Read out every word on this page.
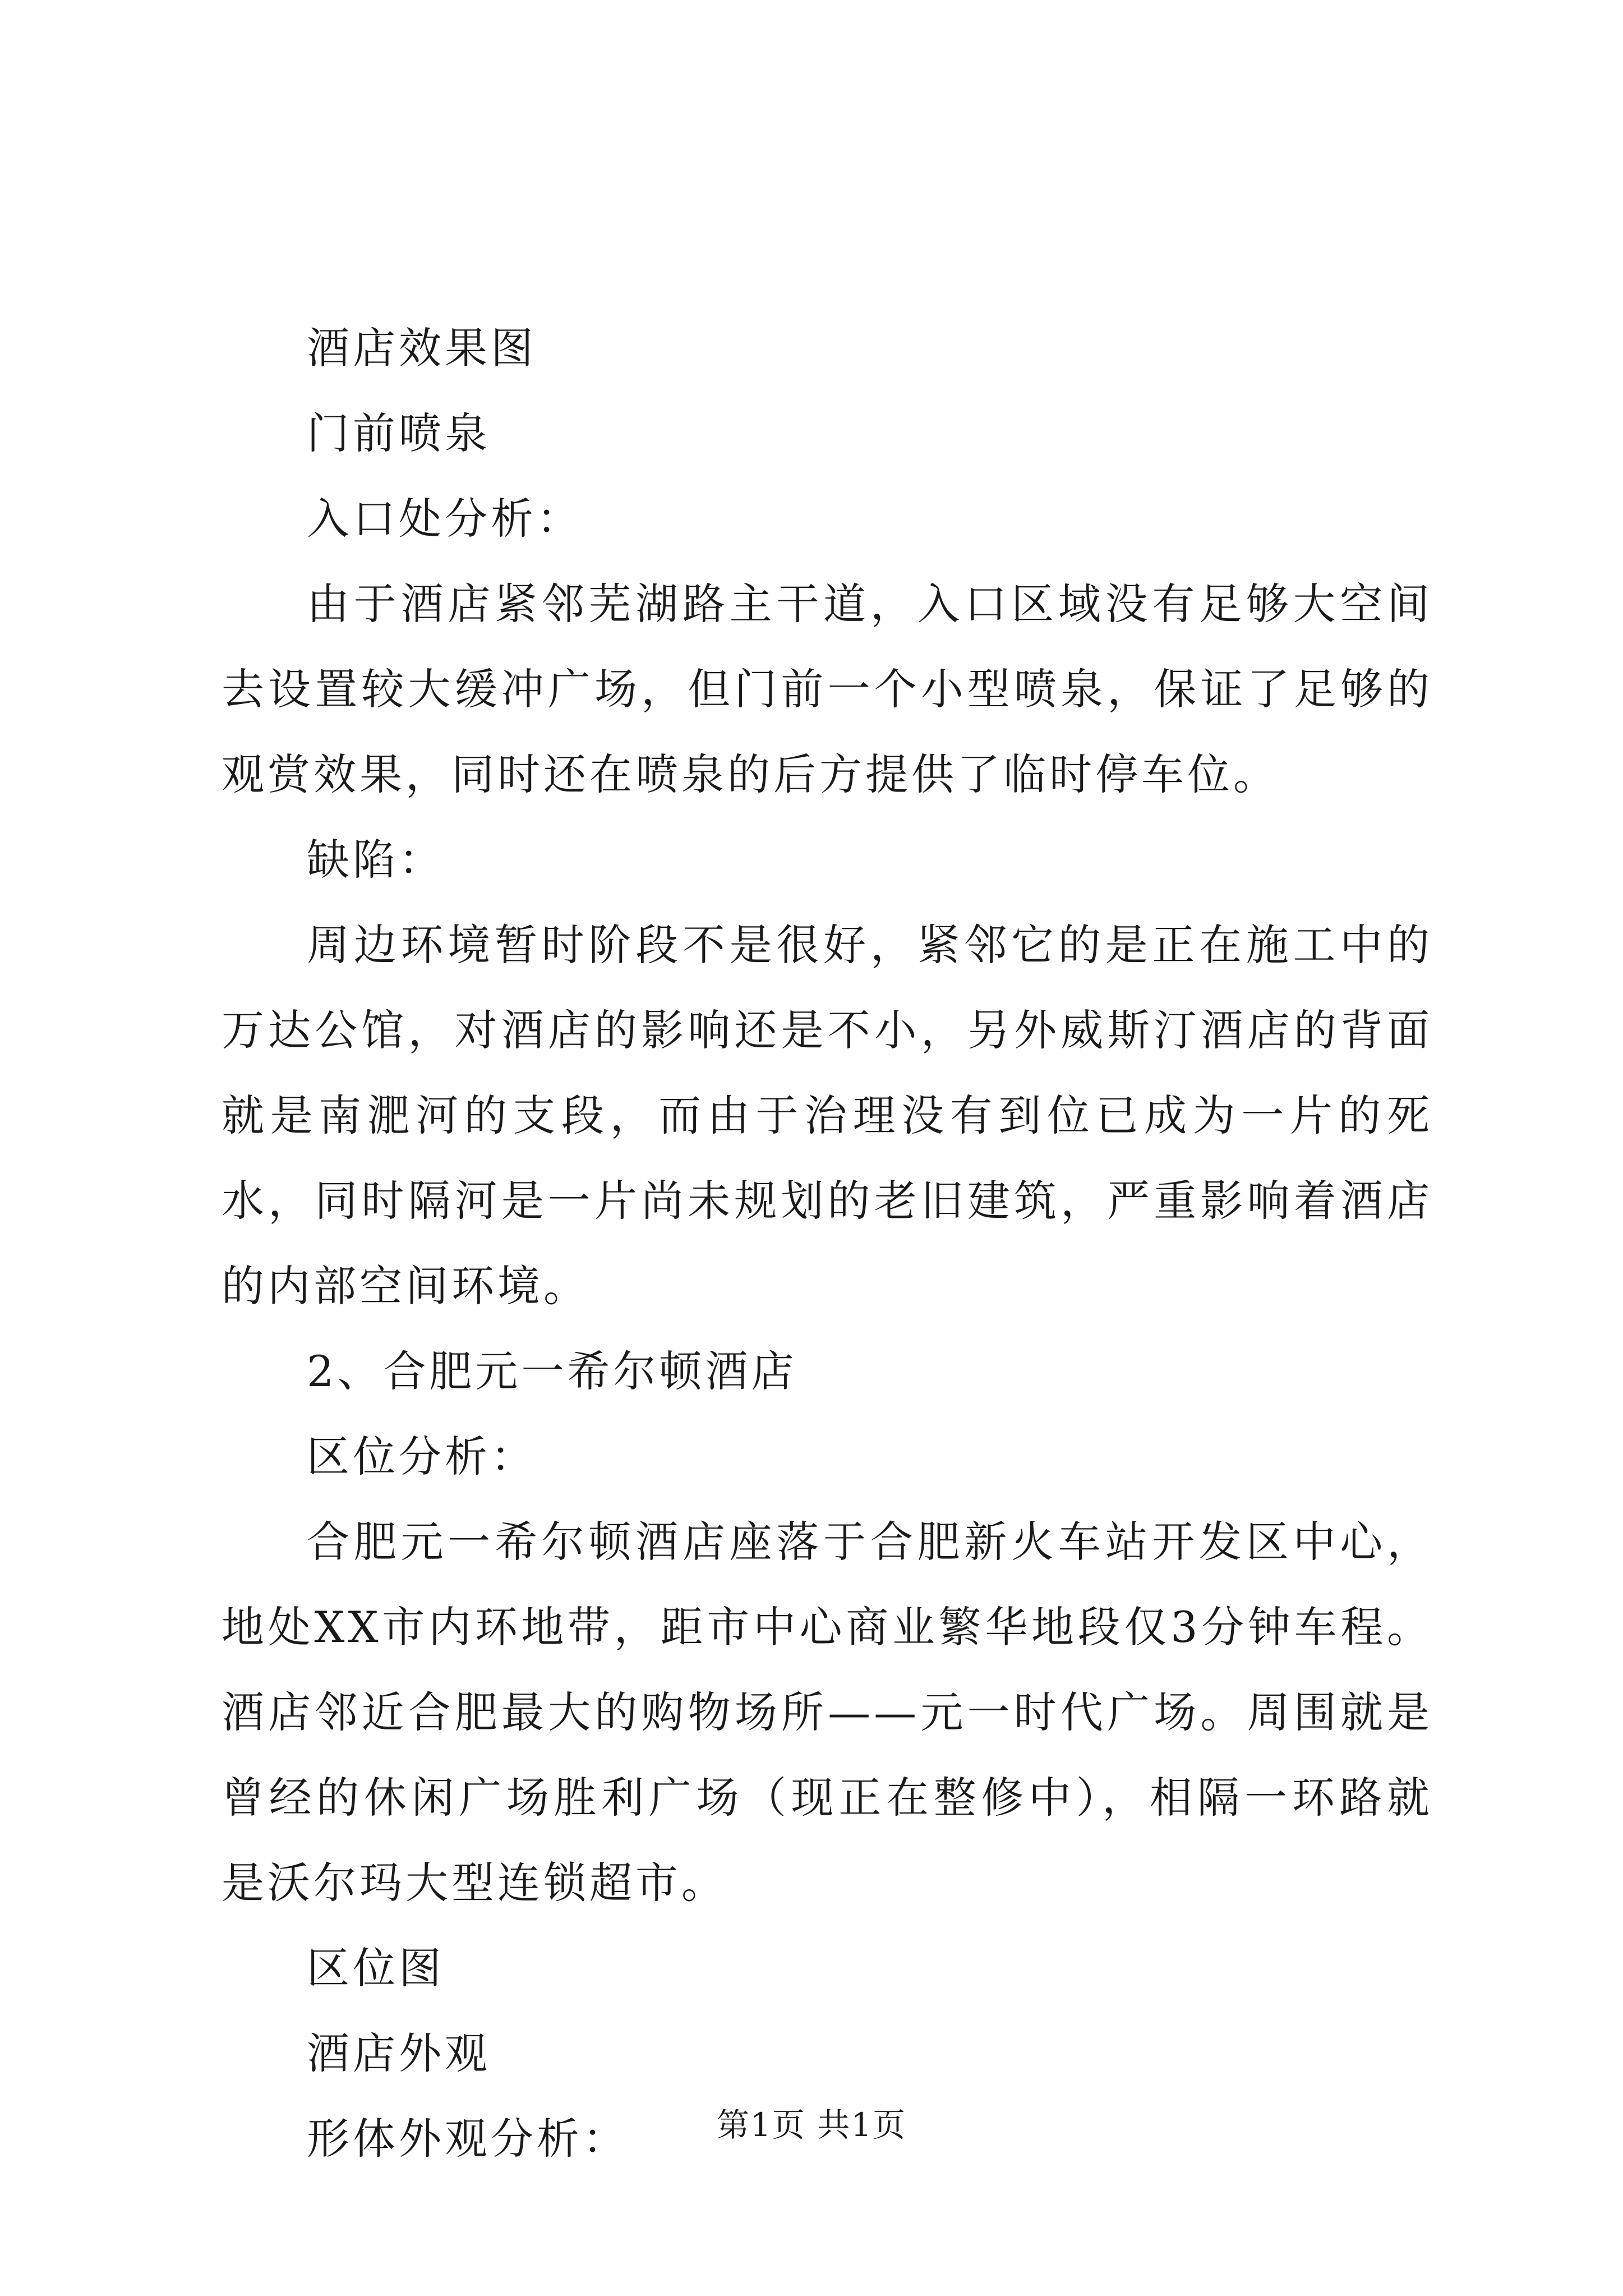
酒店效果图

门前喷泉

入口处分析：

由于酒店紧邻芜湖路主干道，入口区域没有足够大空间去设置较大缓冲广场，但门前一个小型喷泉，保证了足够的观赏效果，同时还在喷泉的后方提供了临时停车位。

缺陷：

周边环境暂时阶段不是很好，紧邻它的是正在施工中的万达公馆，对酒店的影响还是不小，另外威斯汀酒店的背面就是南淝河的支段，而由于治理没有到位已成为一片的死水，同时隔河是一片尚未规划的老旧建筑，严重影响着酒店的内部空间环境。

2、合肥元一希尔顿酒店

区位分析：

合肥元一希尔顿酒店座落于合肥新火车站开发区中心，地处XX市内环地带，距市中心商业繁华地段仅3分钟车程。酒店邻近合肥最大的购物场所——元一时代广场。周围就是曾经的休闲广场胜利广场（现正在整修中），相隔一环路就是沃尔玛大型连锁超市。

区位图

酒店外观

形体外观分析：	第1页 共1页
